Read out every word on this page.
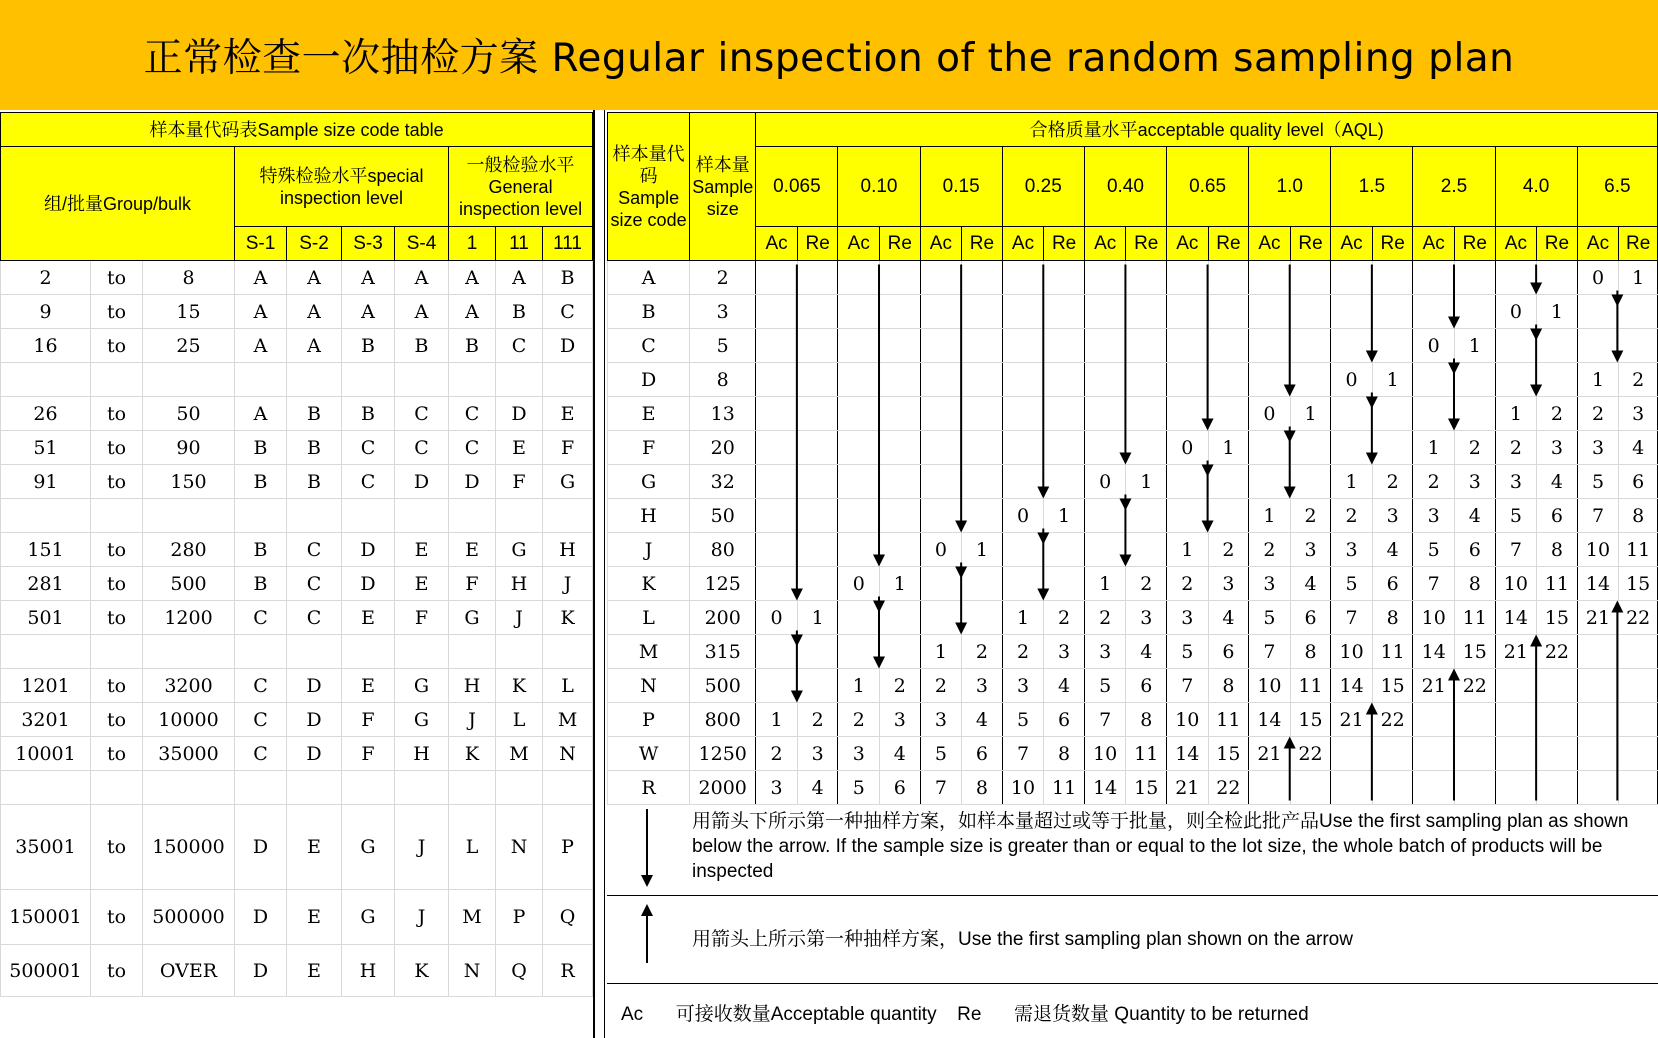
正常检查一次抽检方案 Regular inspection of the random sampling plan
样本量代码表Sample size code table									
组/批量Group/bulk			特殊检验水平special inspection level				一般检验水平 General inspection level		
			S-1	S-2	S-3	S-4	1	11	111
2	to	8	A	A	A	A	A	A	B
9	to	15	A	A	A	A	A	B	C
16	to	25	A	A	B	B	B	C	D

26	to	50	A	B	B	C	C	D	E
51	to	90	B	B	C	C	C	E	F
91	to	150	B	B	C	D	D	F	G

151	to	280	B	C	D	E	E	G	H
281	to	500	B	C	D	E	F	H	J
501	to	1200	C	C	E	F	G	J	K

1201	to	3200	C	D	E	G	H	K	L
3201	to	10000	C	D	F	G	J	L	M
10001	to	35000	C	D	F	H	K	M	N

35001	to	150000	D	E	G	J	L	N	P
150001	to	500000	D	E	G	J	M	P	Q
500001	to	OVER	D	E	H	K	N	Q	R
样本量代码 Sample size code	样本量 Sample size	合格质量水平acceptable quality level（AQL)																					
		0.065		0.10		0.15		0.25		0.40		0.65		1.0		1.5		2.5		4.0		6.5	
		Ac	Re	Ac	Re	Ac	Re	Ac	Re	Ac	Re	Ac	Re	Ac	Re	Ac	Re	Ac	Re	Ac	Re	Ac	Re
A	2																					0	1
B	3																			0	1		
C	5																	0	1				
D	8															0	1					1	2
E	13													0	1					1	2	2	3
F	20											0	1					1	2	2	3	3	4
G	32									0	1					1	2	2	3	3	4	5	6
H	50							0	1					1	2	2	3	3	4	5	6	7	8
J	80					0	1					1	2	2	3	3	4	5	6	7	8	10	11
K	125			0	1					1	2	2	3	3	4	5	6	7	8	10	11	14	15
L	200	0	1					1	2	2	3	3	4	5	6	7	8	10	11	14	15	21	22
M	315					1	2	2	3	3	4	5	6	7	8	10	11	14	15	21	22		
N	500			1	2	2	3	3	4	5	6	7	8	10	11	14	15	21	22				
P	800	1	2	2	3	3	4	5	6	7	8	10	11	14	15	21	22						
W	1250	2	3	3	4	5	6	7	8	10	11	14	15	21	22								
R	2000	3	4	5	6	7	8	10	11	14	15	21	22										
用箭头下所示第一种抽样方案，如样本量超过或等于批量，则全检此批产品Use the first sampling plan as shown below the arrow. If the sample size is greater than or equal to the lot size, the whole batch of products will be inspected
用箭头上所示第一种抽样方案，Use the first sampling plan shown on the arrow
Ac 可接收数量Acceptable quantity Re 需退货数量 Quantity to be returned
